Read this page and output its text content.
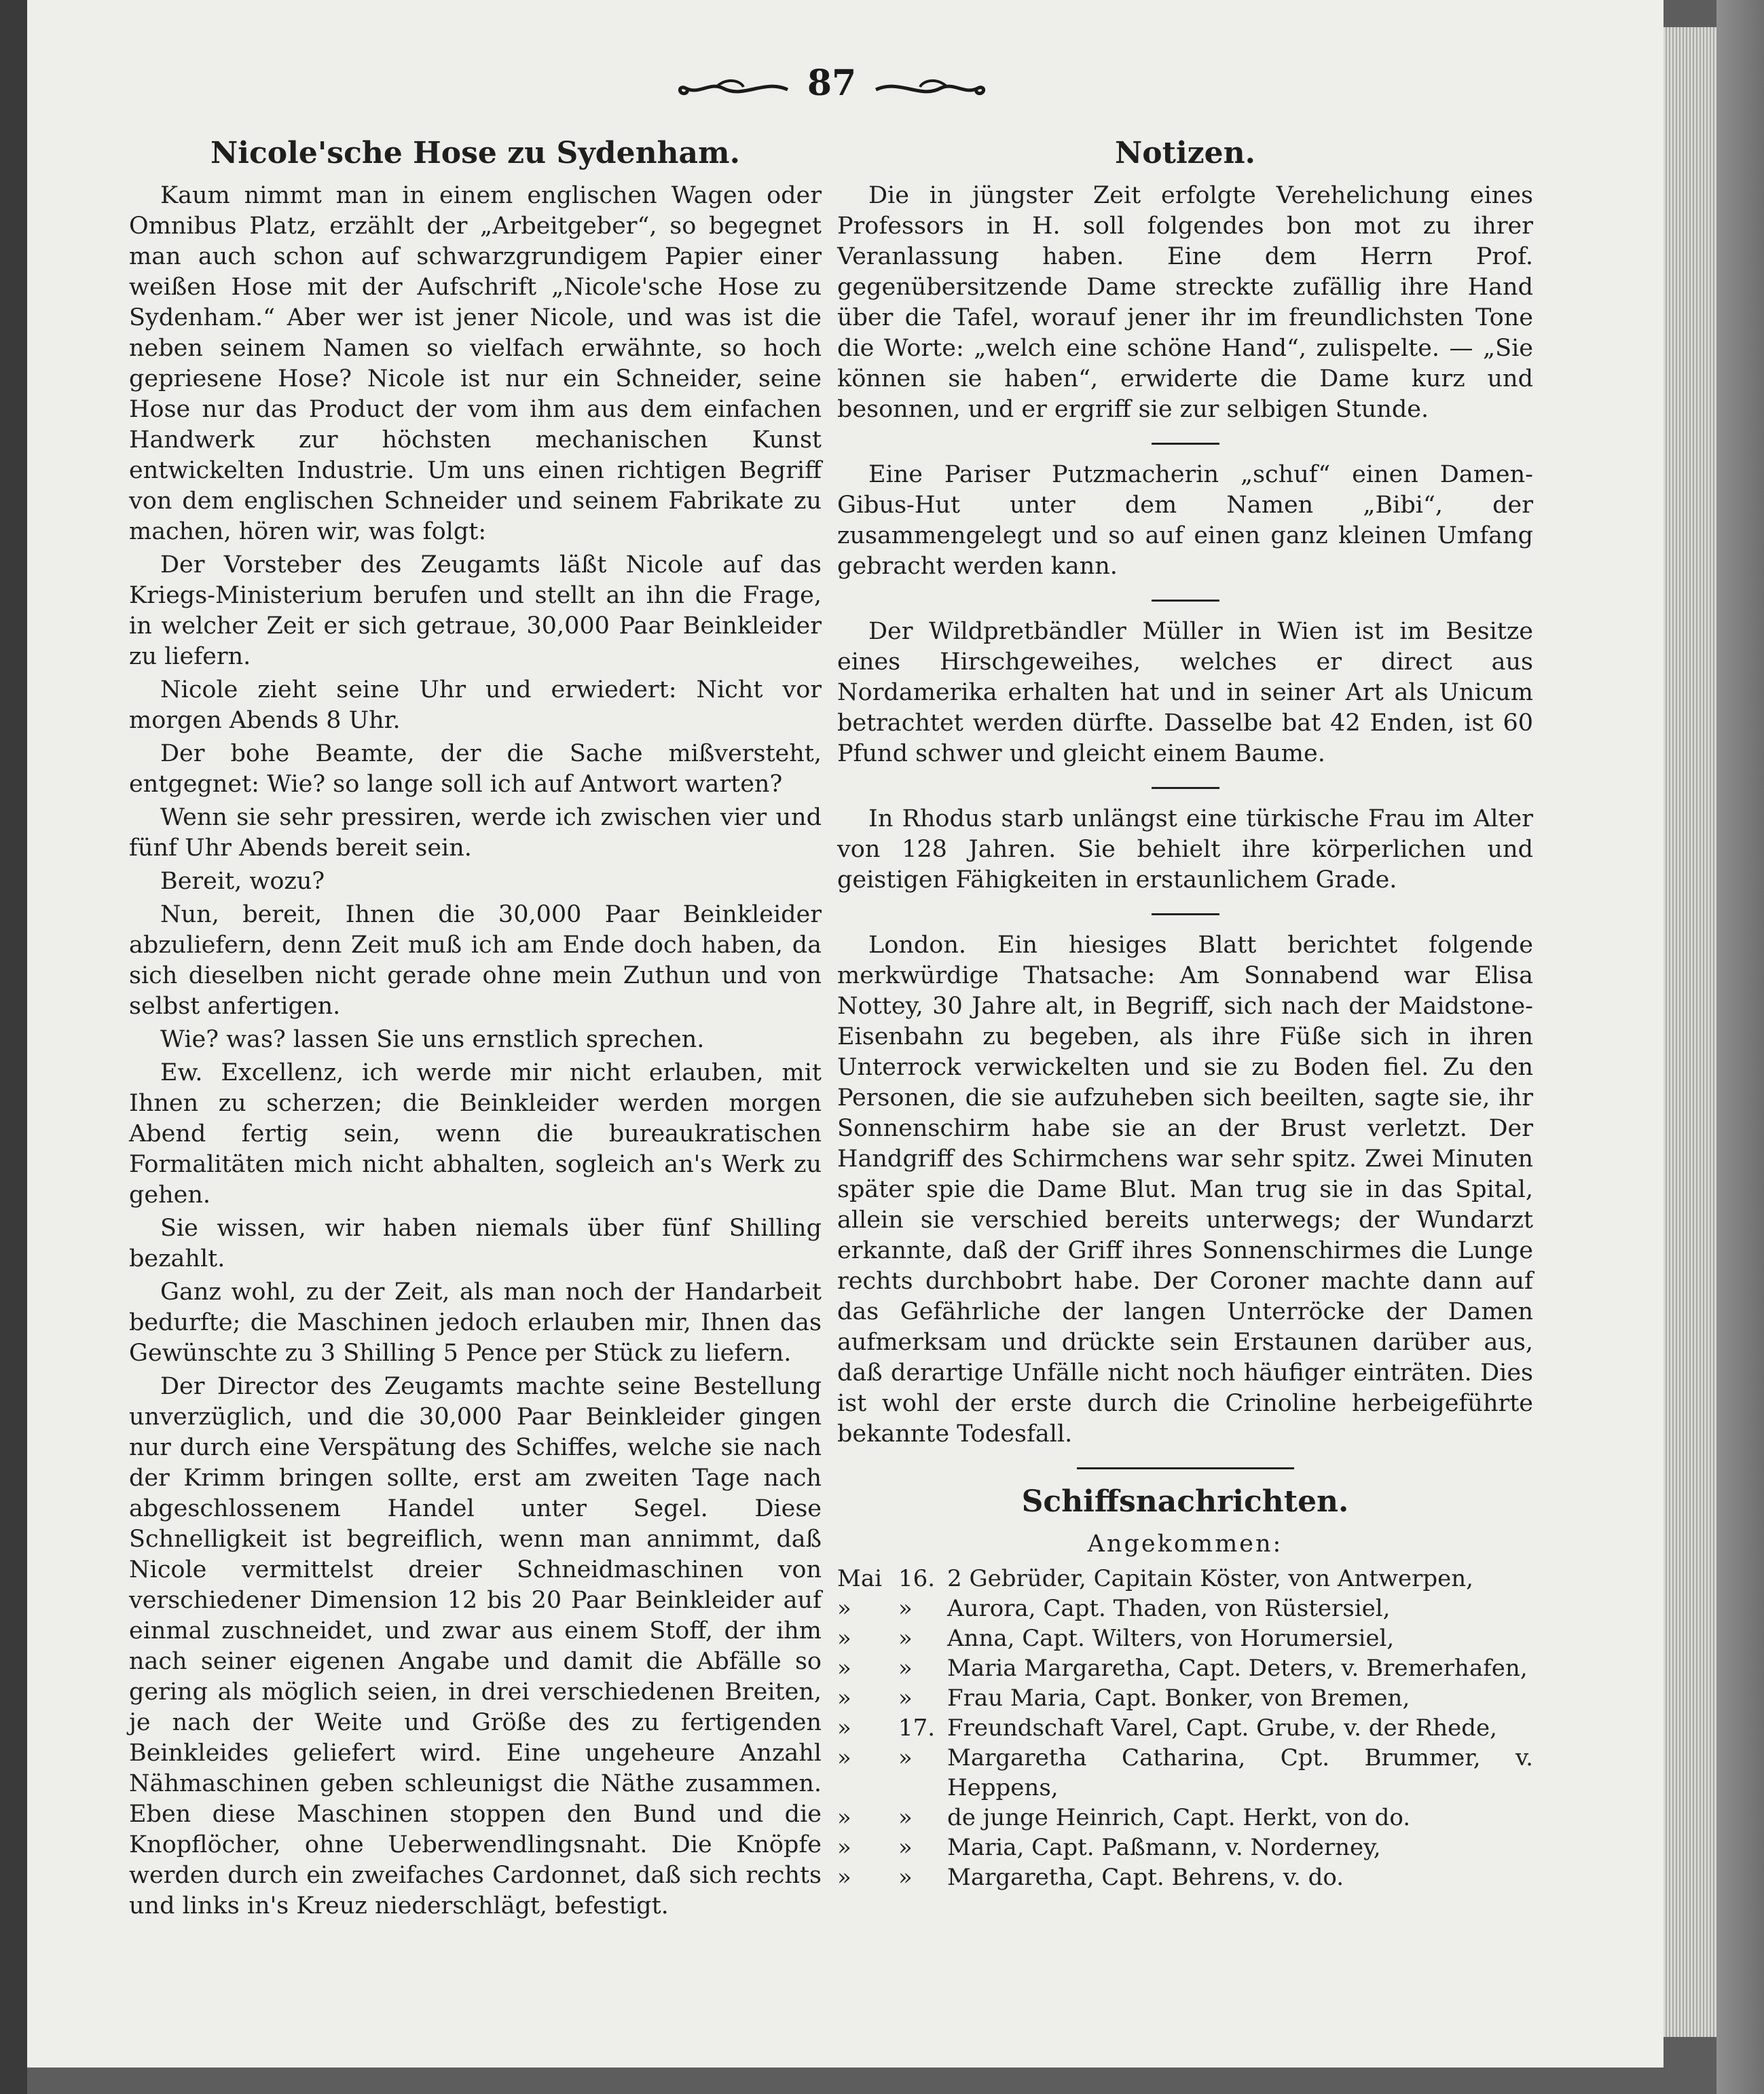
87
Nicole'sche Hose zu Sydenham.
Kaum nimmt man in einem englischen Wagen oder Omnibus Platz, erzählt der „Arbeitgeber“, so begegnet man auch schon auf schwarzgrundigem Papier einer weißen Hose mit der Aufschrift „Nicole'sche Hose zu Sydenham.“ Aber wer ist jener Nicole, und was ist die neben seinem Namen so vielfach erwähnte, so hoch gepriesene Hose? Nicole ist nur ein Schneider, seine Hose nur das Product der vom ihm aus dem einfachen Handwerk zur höchsten mechanischen Kunst entwickelten Industrie. Um uns einen richtigen Begriff von dem englischen Schneider und seinem Fabrikate zu machen, hören wir, was folgt:
Der Vorsteber des Zeugamts läßt Nicole auf das Kriegs-Ministerium berufen und stellt an ihn die Frage, in welcher Zeit er sich getraue, 30,000 Paar Beinkleider zu liefern.
Nicole zieht seine Uhr und erwiedert: Nicht vor morgen Abends 8 Uhr.
Der bohe Beamte, der die Sache mißversteht, entgegnet: Wie? so lange soll ich auf Antwort warten?
Wenn sie sehr pressiren, werde ich zwischen vier und fünf Uhr Abends bereit sein.
Bereit, wozu?
Nun, bereit, Ihnen die 30,000 Paar Beinkleider abzuliefern, denn Zeit muß ich am Ende doch haben, da sich dieselben nicht gerade ohne mein Zuthun und von selbst anfertigen.
Wie? was? lassen Sie uns ernstlich sprechen.
Ew. Excellenz, ich werde mir nicht erlauben, mit Ihnen zu scherzen; die Beinkleider werden morgen Abend fertig sein, wenn die bureaukratischen Formalitäten mich nicht abhalten, sogleich an's Werk zu gehen.
Sie wissen, wir haben niemals über fünf Shilling bezahlt.
Ganz wohl, zu der Zeit, als man noch der Handarbeit bedurfte; die Maschinen jedoch erlauben mir, Ihnen das Gewünschte zu 3 Shilling 5 Pence per Stück zu liefern.
Der Director des Zeugamts machte seine Bestellung unverzüglich, und die 30,000 Paar Beinkleider gingen nur durch eine Verspätung des Schiffes, welche sie nach der Krimm bringen sollte, erst am zweiten Tage nach abgeschlossenem Handel unter Segel. Diese Schnelligkeit ist begreiflich, wenn man annimmt, daß Nicole vermittelst dreier Schneidmaschinen von verschiedener Dimension 12 bis 20 Paar Beinkleider auf einmal zuschneidet, und zwar aus einem Stoff, der ihm nach seiner eigenen Angabe und damit die Abfälle so gering als möglich seien, in drei verschiedenen Breiten, je nach der Weite und Größe des zu fertigenden Beinkleides geliefert wird. Eine ungeheure Anzahl Nähmaschinen geben schleunigst die Näthe zusammen. Eben diese Maschinen stoppen den Bund und die Knopflöcher, ohne Ueberwendlingsnaht. Die Knöpfe werden durch ein zweifaches Cardonnet, daß sich rechts und links in's Kreuz niederschlägt, befestigt.
Notizen.
Die in jüngster Zeit erfolgte Verehelichung eines Professors in H. soll folgendes bon mot zu ihrer Veranlassung haben. Eine dem Herrn Prof. gegenübersitzende Dame streckte zufällig ihre Hand über die Tafel, worauf jener ihr im freundlichsten Tone die Worte: „welch eine schöne Hand“, zulispelte. — „Sie können sie haben“, erwiderte die Dame kurz und besonnen, und er ergriff sie zur selbigen Stunde.
Eine Pariser Putzmacherin „schuf“ einen Damen-Gibus-Hut unter dem Namen „Bibi“, der zusammengelegt und so auf einen ganz kleinen Umfang gebracht werden kann.
Der Wildpretbändler Müller in Wien ist im Besitze eines Hirschgeweihes, welches er direct aus Nordamerika erhalten hat und in seiner Art als Unicum betrachtet werden dürfte. Dasselbe bat 42 Enden, ist 60 Pfund schwer und gleicht einem Baume.
In Rhodus starb unlängst eine türkische Frau im Alter von 128 Jahren. Sie behielt ihre körperlichen und geistigen Fähigkeiten in erstaunlichem Grade.
London. Ein hiesiges Blatt berichtet folgende merkwürdige Thatsache: Am Sonnabend war Elisa Nottey, 30 Jahre alt, in Begriff, sich nach der Maidstone-Eisenbahn zu begeben, als ihre Füße sich in ihren Unterrock verwickelten und sie zu Boden fiel. Zu den Personen, die sie aufzuheben sich beeilten, sagte sie, ihr Sonnenschirm habe sie an der Brust verletzt. Der Handgriff des Schirmchens war sehr spitz. Zwei Minuten später spie die Dame Blut. Man trug sie in das Spital, allein sie verschied bereits unterwegs; der Wundarzt erkannte, daß der Griff ihres Sonnenschirmes die Lunge rechts durchbobrt habe. Der Coroner machte dann auf das Gefährliche der langen Unterröcke der Damen aufmerksam und drückte sein Erstaunen darüber aus, daß derartige Unfälle nicht noch häufiger einträten. Dies ist wohl der erste durch die Crinoline herbeigeführte bekannte Todesfall.
Schiffsnachrichten.
Angekommen:
Mai	16.	2 Gebrüder, Capitain Köster, von Antwerpen,
»	»	Aurora, Capt. Thaden, von Rüstersiel,
»	»	Anna, Capt. Wilters, von Horumersiel,
»	»	Maria Margaretha, Capt. Deters, v. Bremerhafen,
»	»	Frau Maria, Capt. Bonker, von Bremen,
»	17.	Freundschaft Varel, Capt. Grube, v. der Rhede,
»	»	Margaretha Catharina, Cpt. Brummer, v. Heppens,
»	»	de junge Heinrich, Capt. Herkt, von do.
»	»	Maria, Capt. Paßmann, v. Norderney,
»	»	Margaretha, Capt. Behrens, v. do.
